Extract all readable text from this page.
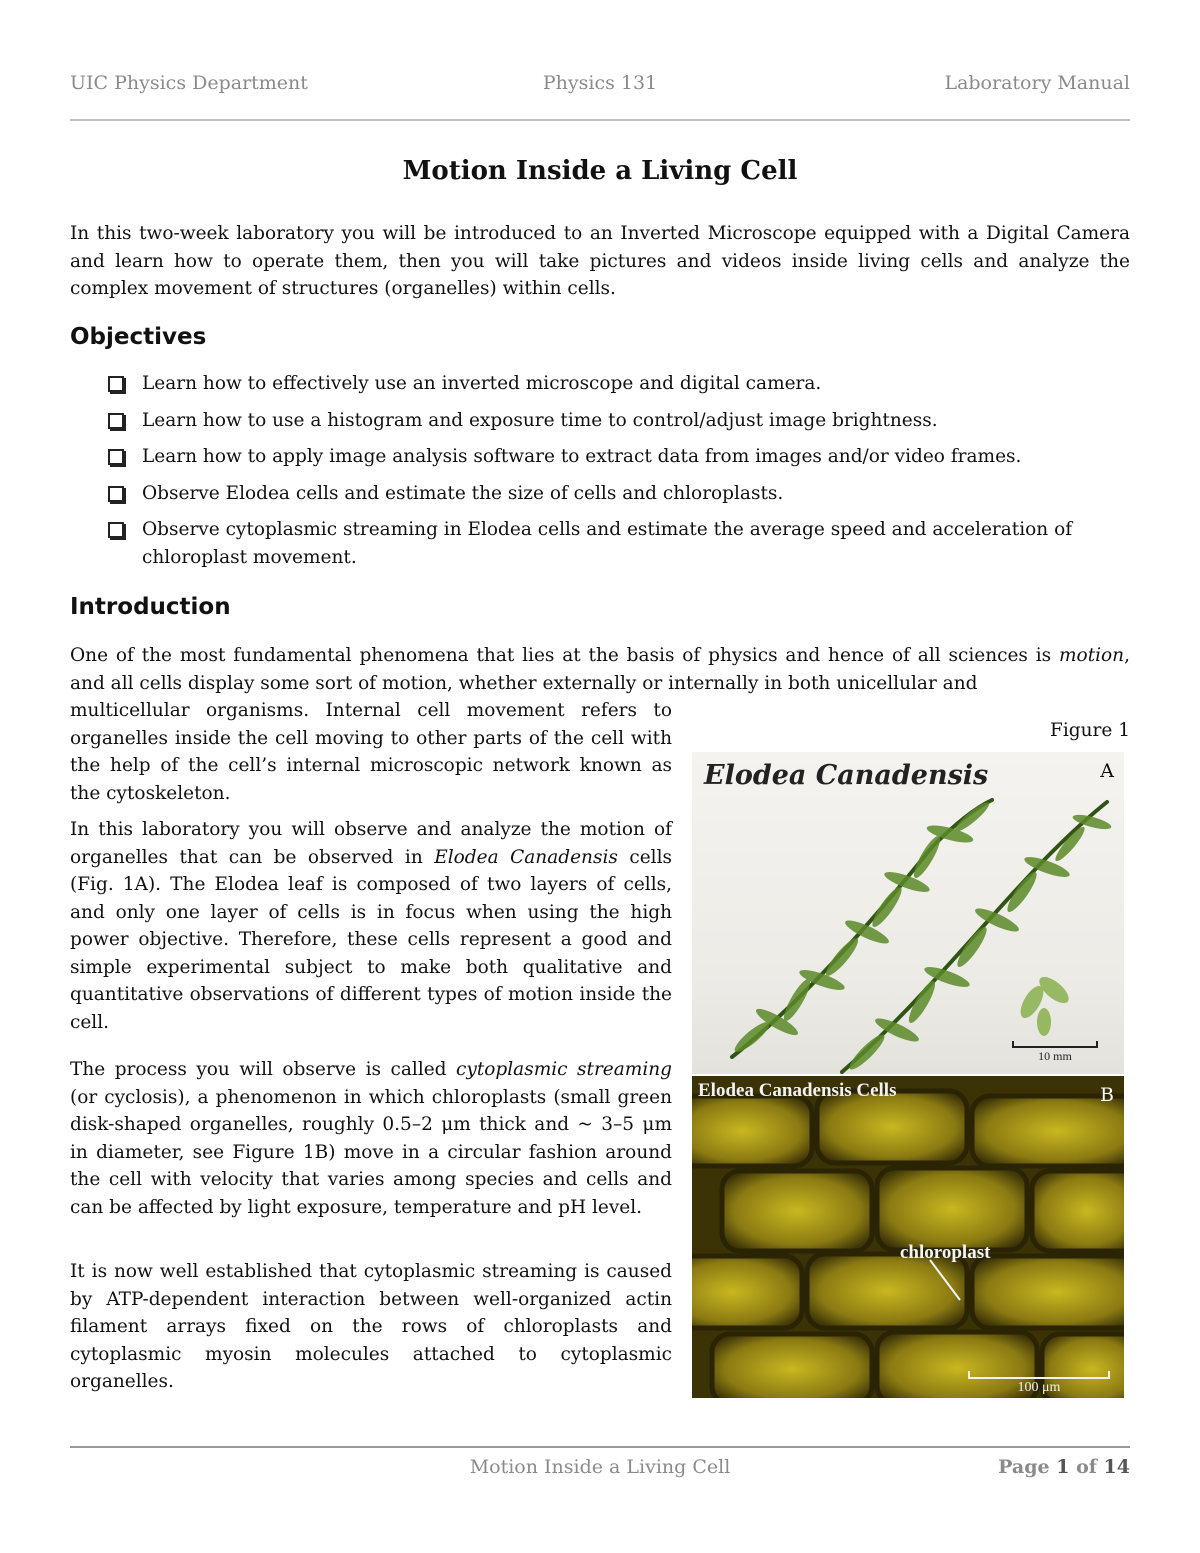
UIC Physics Department	Physics 131	Laboratory Manual
Motion Inside a Living Cell

In this two-week laboratory you will be introduced to an Inverted Microscope equipped with a Digital Camera and learn how to operate them, then you will take pictures and videos inside living cells and analyze the complex movement of structures (organelles) within cells.

Objectives
Learn how to effectively use an inverted microscope and digital camera.
Learn how to use a histogram and exposure time to control/adjust image brightness.
Learn how to apply image analysis software to extract data from images and/or video frames.
Observe Elodea cells and estimate the size of cells and chloroplasts.
Observe cytoplasmic streaming in Elodea cells and estimate the average speed and acceleration of chloroplast movement.
Introduction

One of the most fundamental phenomena that lies at the basis of physics and hence of all sciences is motion, and all cells display some sort of motion, whether externally or internally in both unicellular and

multicellular organisms. Internal cell movement refers to organelles inside the cell moving to other parts of the cell with the help of the cell’s internal microscopic network known as the cytoskeleton.

In this laboratory you will observe and analyze the motion of organelles that can be observed in Elodea Canadensis cells (Fig. 1A). The Elodea leaf is composed of two layers of cells, and only one layer of cells is in focus when using the high power objective. Therefore, these cells represent a good and simple experimental subject to make both qualitative and quantitative observations of different types of motion inside the cell.

The process you will observe is called cytoplasmic streaming (or cyclosis), a phenomenon in which chloroplasts (small green disk-shaped organelles, roughly 0.5–2 μm thick and ~ 3–5 μm in diameter, see Figure 1B) move in a circular fashion around the cell with velocity that varies among species and cells and can be affected by light exposure, temperature and pH level.

It is now well established that cytoplasmic streaming is caused by ATP-dependent interaction between well-organized actin filament arrays fixed on the rows of chloroplasts and cytoplasmic myosin molecules attached to cytoplasmic organelles.

Figure 1
Elodea Canadensis	A
10 mm
Elodea Canadensis Cells	B
chloroplast
100 μm
Motion Inside a Living Cell	Page 1 of 14
